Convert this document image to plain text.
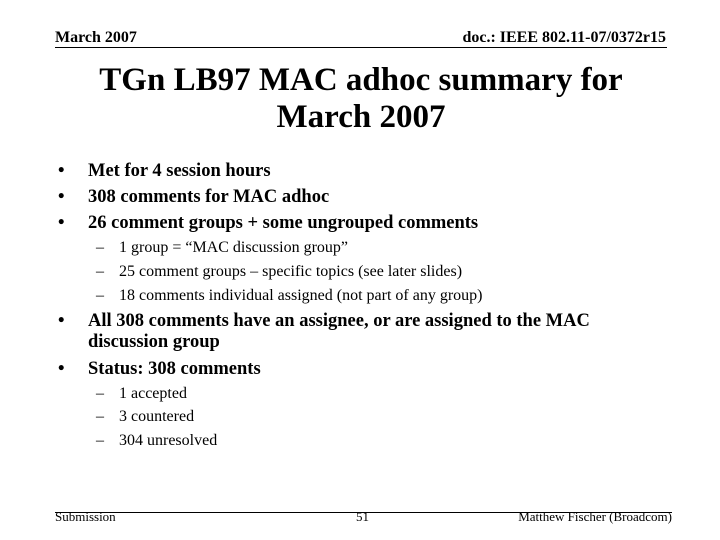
March 2007	doc.: IEEE 802.11-07/0372r15
TGn LB97 MAC adhoc summary for
March 2007
• Met for 4 session hours
• 308 comments for MAC adhoc
• 26 comment groups + some ungrouped comments
– 1 group = “MAC discussion group”
– 25 comment groups – specific topics (see later slides)
– 18 comments individual assigned (not part of any group)
• All 308 comments have an assignee, or are assigned to the MAC
discussion group
• Status: 308 comments
– 1 accepted
– 3 countered
– 304 unresolved
Submission	51	Matthew Fischer (Broadcom)
